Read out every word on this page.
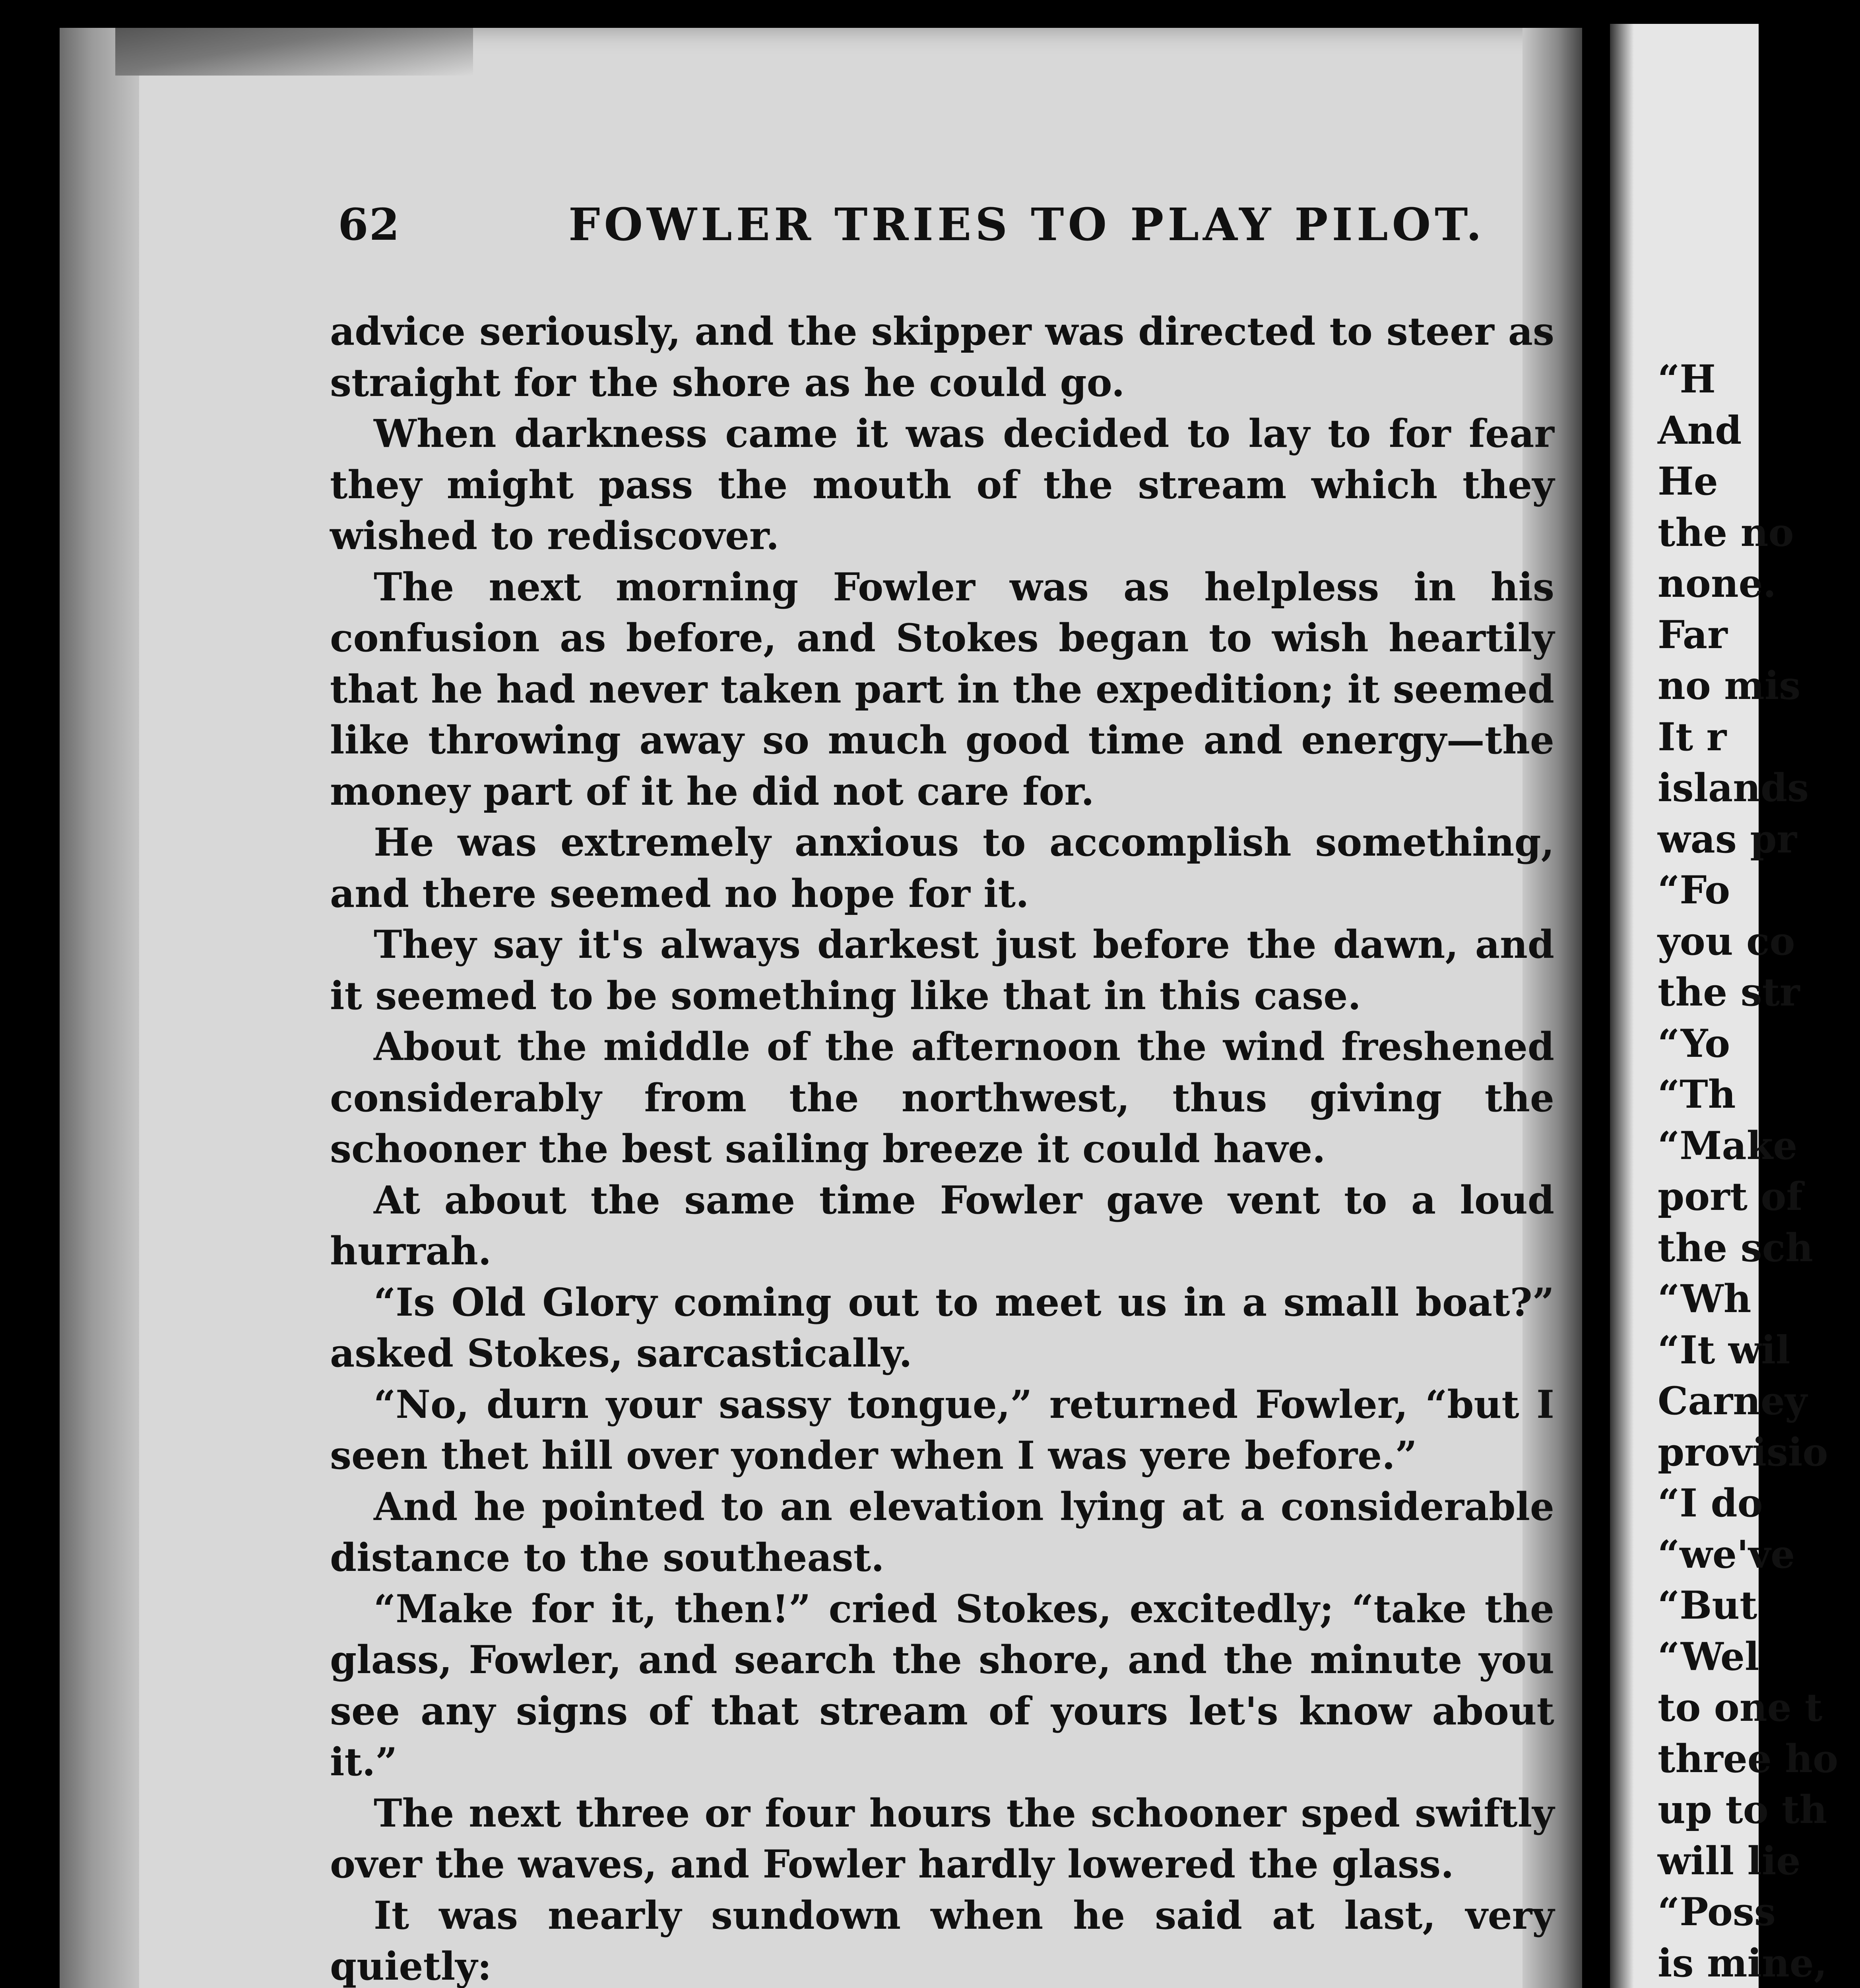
62	FOWLER TRIES TO PLAY PILOT.

advice seriously, and the skipper was directed to steer as straight for the shore as he could go.

When darkness came it was decided to lay to for fear they might pass the mouth of the stream which they wished to rediscover.

The next morning Fowler was as helpless in his confusion as before, and Stokes began to wish heartily that he had never taken part in the expedition; it seemed like throwing away so much good time and energy—the money part of it he did not care for.

He was extremely anxious to accomplish something, and there seemed no hope for it.

They say it's always darkest just before the dawn, and it seemed to be something like that in this case.

About the middle of the afternoon the wind freshened considerably from the northwest, thus giving the schooner the best sailing breeze it could have.

At about the same time Fowler gave vent to a loud hurrah.

“Is Old Glory coming out to meet us in a small boat?” asked Stokes, sarcastically.

“No, durn your sassy tongue,” returned Fowler, “but I seen thet hill over yonder when I was yere before.”

And he pointed to an elevation lying at a considerable distance to the southeast.

“Make for it, then!” cried Stokes, excitedly; “take the glass, Fowler, and search the shore, and the minute you see any signs of that stream of yours let's know about it.”

The next three or four hours the schooner sped swiftly over the waves, and Fowler hardly lowered the glass.

It was nearly sundown when he said at last, very quietly:

“H
And
He
the no
none.
Far
no mis
It r
islands
was pr
“Fo
you co
the str
“Yo
“Th
“Make
port of
the sch
“Wh
“It wil
Carney
provisio
“I do
“we've
“But
“Wel
to one t
three ho
up to th
will lie
“Poss
is mine,
